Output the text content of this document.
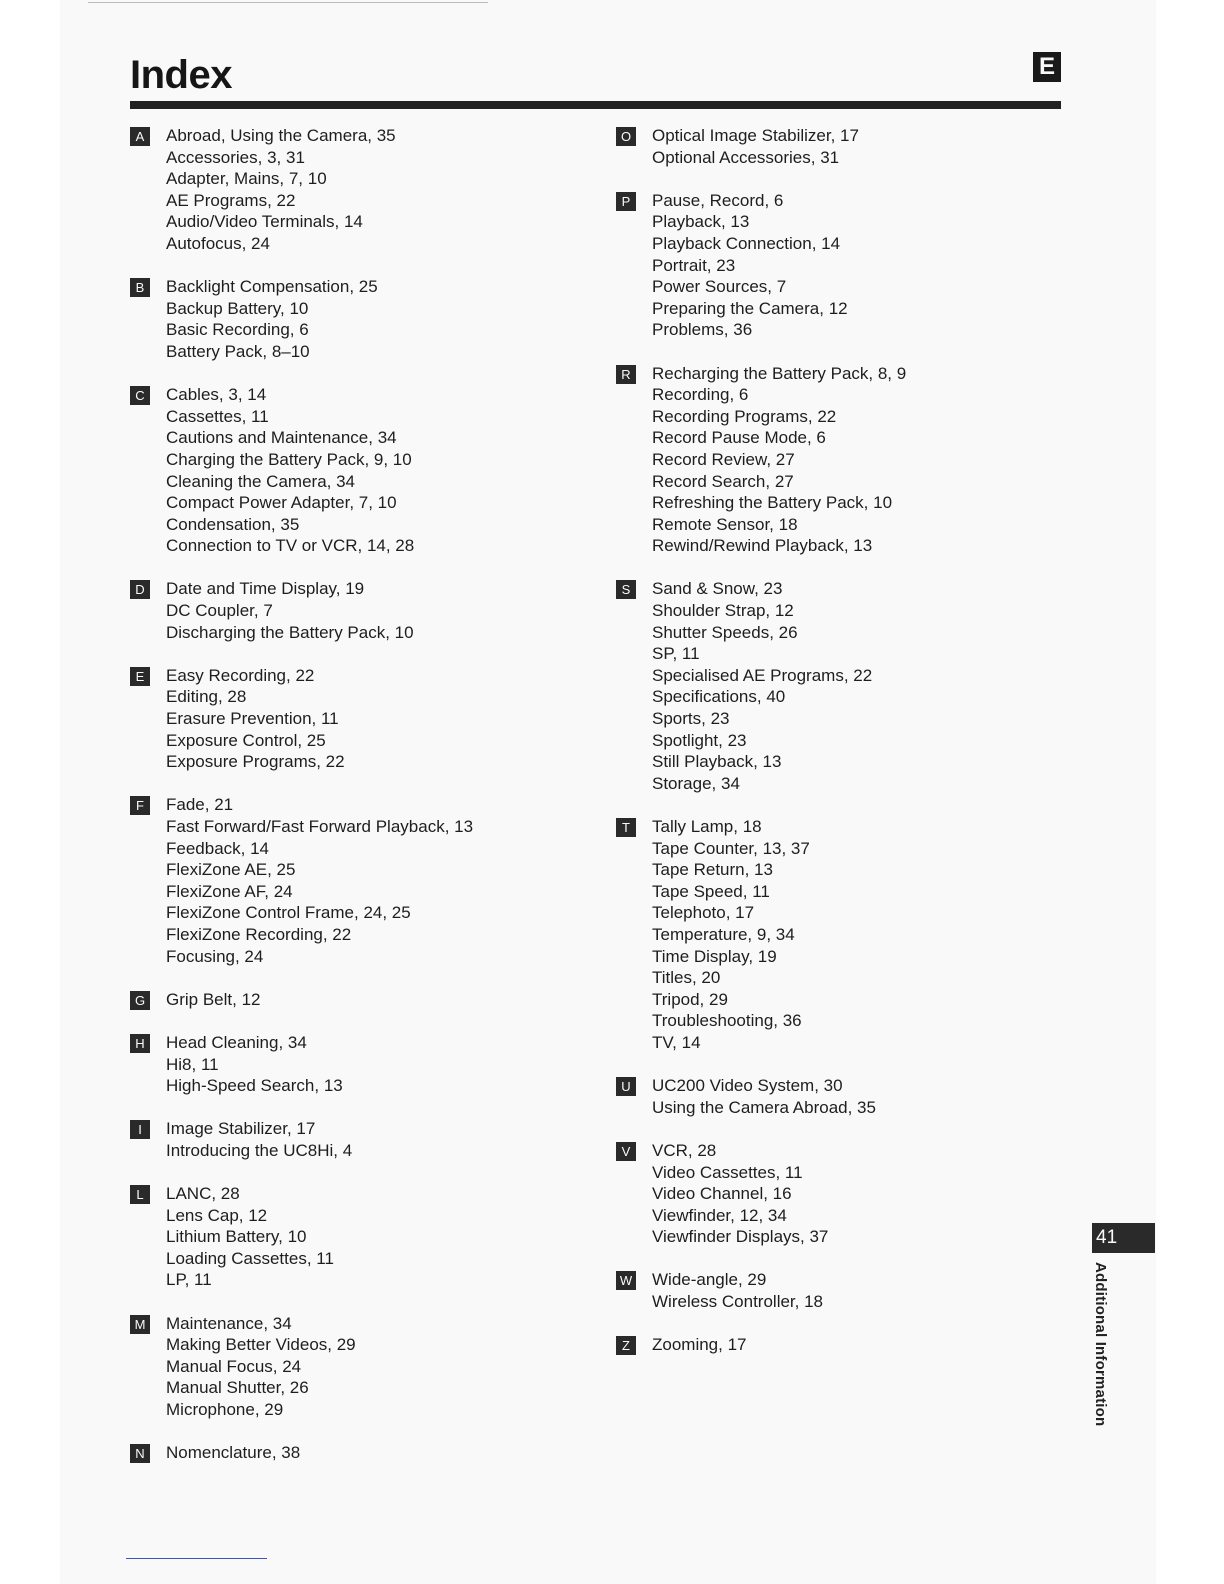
Index	E
A	Abroad, Using the Camera, 35
Accessories, 3, 31
Adapter, Mains, 7, 10
AE Programs, 22
Audio/Video Terminals, 14
Autofocus, 24
B	Backlight Compensation, 25
Backup Battery, 10
Basic Recording, 6
Battery Pack, 8–10
C	Cables, 3, 14
Cassettes, 11
Cautions and Maintenance, 34
Charging the Battery Pack, 9, 10
Cleaning the Camera, 34
Compact Power Adapter, 7, 10
Condensation, 35
Connection to TV or VCR, 14, 28
D	Date and Time Display, 19
DC Coupler, 7
Discharging the Battery Pack, 10
E	Easy Recording, 22
Editing, 28
Erasure Prevention, 11
Exposure Control, 25
Exposure Programs, 22
F	Fade, 21
Fast Forward/Fast Forward Playback, 13
Feedback, 14
FlexiZone AE, 25
FlexiZone AF, 24
FlexiZone Control Frame, 24, 25
FlexiZone Recording, 22
Focusing, 24
G Grip Belt, 12
H	Head Cleaning, 34
Hi8, 11
High-Speed Search, 13
I	Image Stabilizer, 17
Introducing the UC8Hi, 4
L	LANC, 28
Lens Cap, 12
Lithium Battery, 10
Loading Cassettes, 11
LP, 11
M Maintenance, 34
Making Better Videos, 29
Manual Focus, 24
Manual Shutter, 26
Microphone, 29
N	Nomenclature, 38
O Optical Image Stabilizer, 17
Optional Accessories, 31
P	Pause, Record, 6
Playback, 13
Playback Connection, 14
Portrait, 23
Power Sources, 7
Preparing the Camera, 12
Problems, 36
R	Recharging the Battery Pack, 8, 9
Recording, 6
Recording Programs, 22
Record Pause Mode, 6
Record Review, 27
Record Search, 27
Refreshing the Battery Pack, 10
Remote Sensor, 18
Rewind/Rewind Playback, 13
S	Sand & Snow, 23
Shoulder Strap, 12
Shutter Speeds, 26
SP, 11
Specialised AE Programs, 22
Specifications, 40
Sports, 23
Spotlight, 23
Still Playback, 13
Storage, 34
T	Tally Lamp, 18
Tape Counter, 13, 37
Tape Return, 13
Tape Speed, 11
Telephoto, 17
Temperature, 9, 34
Time Display, 19
Titles, 20
Tripod, 29
Troubleshooting, 36
TV, 14
U	UC200 Video System, 30
Using the Camera Abroad, 35
V	VCR, 28
Video Cassettes, 11
Video Channel, 16
Viewfinder, 12, 34
Viewfinder Displays, 37
W Wide-angle, 29
Wireless Controller, 18
Z	Zooming, 17
41
Additional Information
